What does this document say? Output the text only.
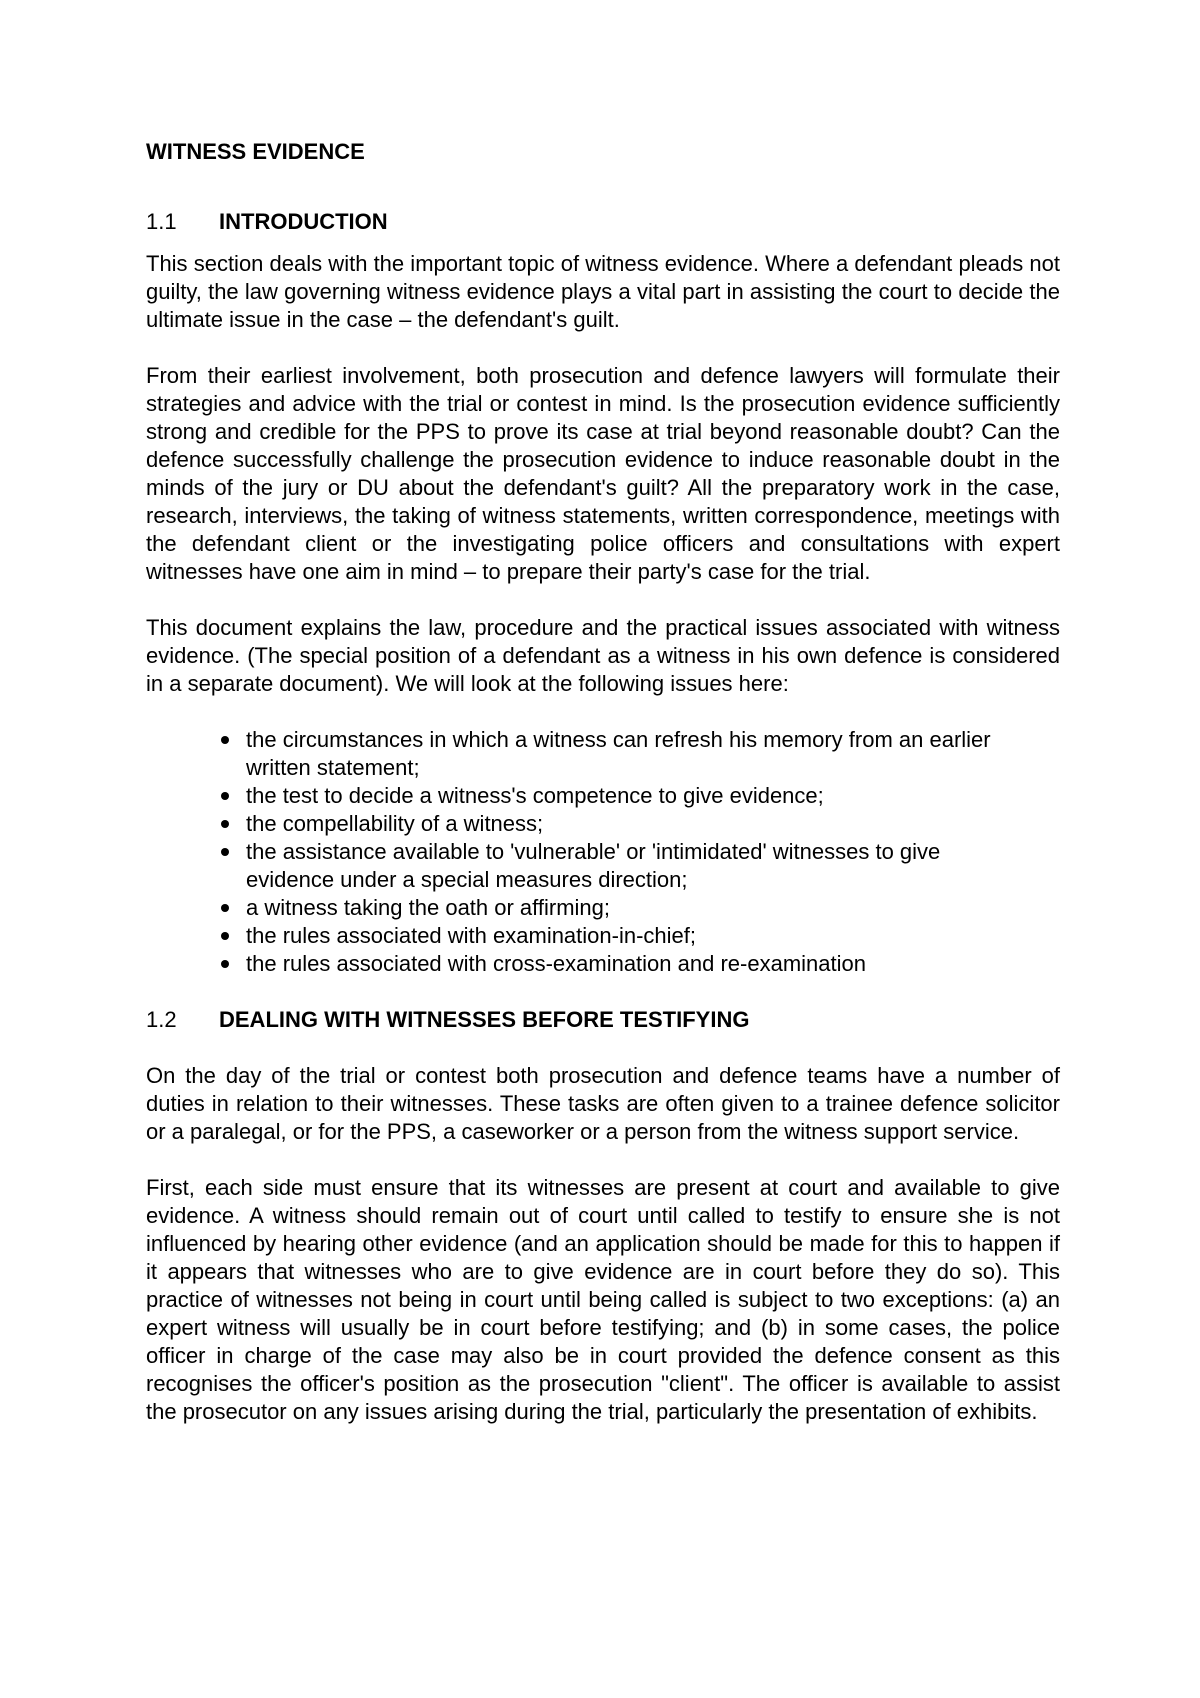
WITNESS EVIDENCE
1.1	INTRODUCTION

This section deals with the important topic of witness evidence. Where a defendant pleads not guilty, the law governing witness evidence plays a vital part in assisting the court to decide the ultimate issue in the case – the defendant's guilt.

From their earliest involvement, both prosecution and defence lawyers will formulate their strategies and advice with the trial or contest in mind. Is the prosecution evidence sufficiently strong and credible for the PPS to prove its case at trial beyond reasonable doubt? Can the defence successfully challenge the prosecution evidence to induce reasonable doubt in the minds of the jury or DU about the defendant's guilt? All the preparatory work in the case, research, interviews, the taking of witness statements, written correspondence, meetings with the defendant client or the investigating police officers and consultations with expert witnesses have one aim in mind – to prepare their party's case for the trial.

This document explains the law, procedure and the practical issues associated with witness evidence. (The special position of a defendant as a witness in his own defence is considered in a separate document). We will look at the following issues here:

the circumstances in which a witness can refresh his memory from an earlier written statement;
the test to decide a witness's competence to give evidence;
the compellability of a witness;
the assistance available to 'vulnerable' or 'intimidated' witnesses to give evidence under a special measures direction;
a witness taking the oath or affirming;
the rules associated with examination-in-chief;
the rules associated with cross-examination and re-examination
1.2	DEALING WITH WITNESSES BEFORE TESTIFYING

On the day of the trial or contest both prosecution and defence teams have a number of duties in relation to their witnesses. These tasks are often given to a trainee defence solicitor or a paralegal, or for the PPS, a caseworker or a person from the witness support service.

First, each side must ensure that its witnesses are present at court and available to give evidence. A witness should remain out of court until called to testify to ensure she is not influenced by hearing other evidence (and an application should be made for this to happen if it appears that witnesses who are to give evidence are in court before they do so). This practice of witnesses not being in court until being called is subject to two exceptions: (a) an expert witness will usually be in court before testifying; and (b) in some cases, the police officer in charge of the case may also be in court provided the defence consent as this recognises the officer's position as the prosecution "client". The officer is available to assist the prosecutor on any issues arising during the trial, particularly the presentation of exhibits.
